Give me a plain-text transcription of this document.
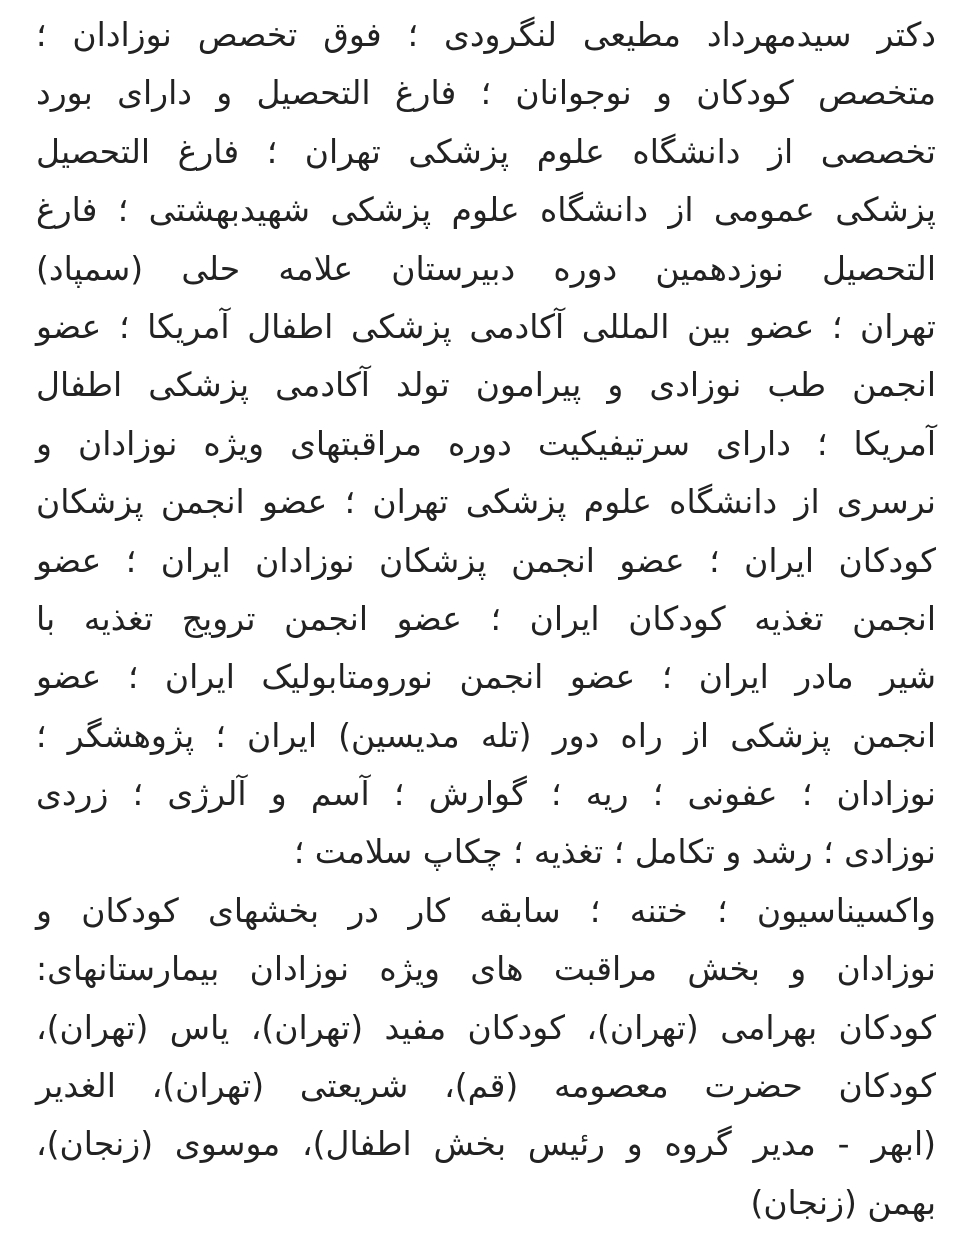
دکتر سیدمهرداد مطیعی لنگرودی ؛ فوق تخصص نوزادان ؛
متخصص کودکان و نوجوانان ؛ فارغ التحصیل و دارای بورد
تخصصی از دانشگاه علوم پزشکی تهران ؛ فارغ التحصیل
پزشکی عمومی از دانشگاه علوم پزشکی شهیدبهشتی ؛ فارغ
التحصیل نوزدهمین دوره دبیرستان علامه حلی (سمپاد)
تهران ؛ عضو بین المللی آکادمی پزشکی اطفال آمریکا ؛ عضو
انجمن طب نوزادی و پیرامون تولد آکادمی پزشکی اطفال
آمریکا ؛ دارای سرتیفیکیت دوره مراقبتهای ویژه نوزادان و
نرسری از دانشگاه علوم پزشکی تهران ؛ عضو انجمن پزشکان
کودکان ایران ؛ عضو انجمن پزشکان نوزادان ایران ؛ عضو
انجمن تغذیه کودکان ایران ؛ عضو انجمن ترویج تغذیه با
شیر مادر ایران ؛ عضو انجمن نورومتابولیک ایران ؛ عضو
انجمن پزشکی از راه دور (تله مدیسین) ایران ؛ پژوهشگر ؛
نوزادان ؛ عفونی ؛ ریه ؛ گوارش ؛ آسم و آلرژی ؛ زردی
نوزادی ؛ رشد و تکامل ؛ تغذیه ؛ چکاپ سلامت ؛
واکسیناسیون ؛ ختنه ؛ سابقه کار در بخشهای کودکان و
نوزادان و بخش مراقبت های ویژه نوزادان بیمارستانهای:
کودکان بهرامی (تهران)، کودکان مفید (تهران)، یاس (تهران)،
کودکان حضرت معصومه (قم)، شریعتی (تهران)، الغدیر
(ابهر - مدیر گروه و رئیس بخش اطفال)، موسوی (زنجان)،
بهمن (زنجان)
